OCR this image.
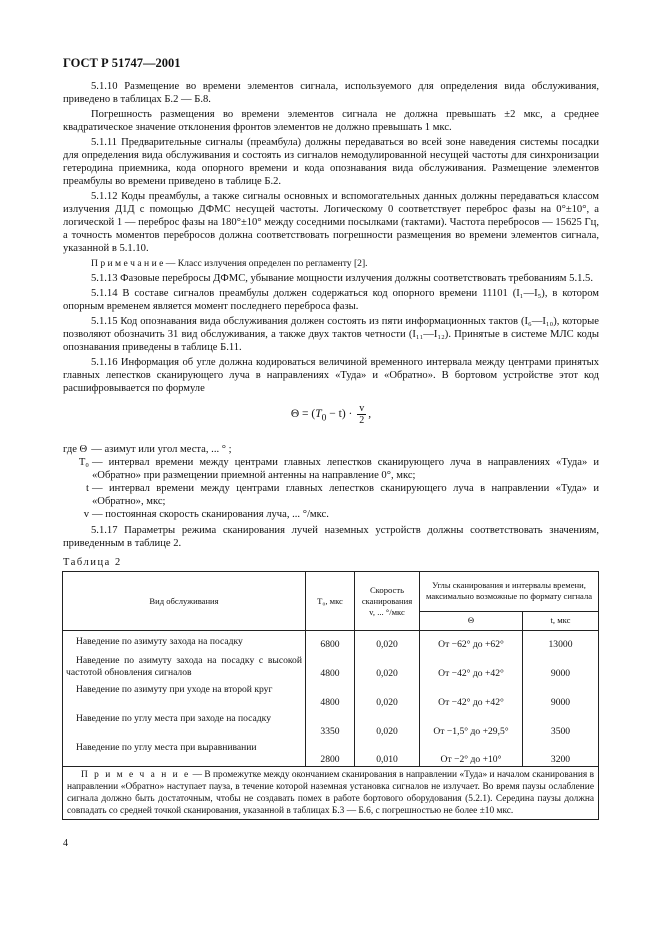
ГОСТ Р 51747—2001

5.1.10 Размещение во времени элементов сигнала, используемого для определения вида обслуживания, приведено в таблицах Б.2 — Б.8.

Погрешность размещения во времени элементов сигнала не должна превышать ±2 мкс, а среднее квадратическое значение отклонения фронтов элементов не должно превышать 1 мкс.

5.1.11 Предварительные сигналы (преамбула) должны передаваться во всей зоне наведения системы посадки для определения вида обслуживания и состоять из сигналов немодулированной несущей частоты для синхронизации гетеродина приемника, кода опорного времени и кода опознавания вида обслуживания. Размещение элементов преамбулы во времени приведено в таблице Б.2.

5.1.12 Коды преамбулы, а также сигналы основных и вспомогательных данных должны передаваться классом излучения Д1Д с помощью ДФМС несущей частоты. Логическому 0 соответствует переброс фазы на 0°±10°, а логической 1 — переброс фазы на 180°±10° между соседними посылками (тактами). Частота перебросов — 15625 Гц, а точность моментов перебросов должна соответствовать погрешности размещения во времени элементов сигнала, указанной в 5.1.10.

П р и м е ч а н и е — Класс излучения определен по регламенту [2].

5.1.13 Фазовые перебросы ДФМС, убывание мощности излучения должны соответствовать требованиям 5.1.5.

5.1.14 В составе сигналов преамбулы должен содержаться код опорного времени 11101 (I₁—I₅), в котором опорным временем является момент последнего переброса фазы.

5.1.15 Код опознавания вида обслуживания должен состоять из пяти информационных тактов (I₆—I₁₀), которые позволяют обозначить 31 вид обслуживания, а также двух тактов четности (I₁₁—I₁₂). Принятые в системе МЛС коды опознавания приведены в таблице Б.11.

5.1.16 Информация об угле должна кодироваться величиной временного интервала между центрами принятых главных лепестков сканирующего луча в направлениях «Туда» и «Обратно». В бортовом устройстве этот код расшифровывается по формуле

$\Theta = (T_0 - t) \cdot \frac{v}{2}$ ,
где Θ — азимут или угол места, ... ° ;
T₀ — интервал времени между центрами главных лепестков сканирующего луча в направлениях «Туда» и «Обратно» при размещении приемной антенны на направление 0°, мкс;
t — интервал времени между центрами главных лепестков сканирующего луча в направлении «Туда» и «Обратно», мкс;
v — постоянная скорость сканирования луча, ... °/мкс.

5.1.17 Параметры режима сканирования лучей наземных устройств должны соответствовать значениям, приведенным в таблице 2.

Таблица 2
Вид обслуживания	T₀, мкс	Скорость сканирования v, ... °/мкс	Углы сканирования и интервалы времени, максимально возможные по формату сигнала	
			Θ	t, мкс
Наведение по азимуту захода на посадку	6800	0,020	От −62° до +62°	13000
Наведение по азимуту захода на посадку с высокой частотой обновления сигналов	4800	0,020	От −42° до +42°	9000
Наведение по азимуту при уходе на второй круг	4800	0,020	От −42° до +42°	9000
Наведение по углу места при заходе на посадку	3350	0,020	От −1,5° до +29,5°	3500
Наведение по углу места при выравнивании	2800	0,010	От −2° до +10°	3200
П р и м е ч а н и е — В промежутке между окончанием сканирования в направлении «Туда» и началом сканирования в направлении «Обратно» наступает пауза, в течение которой наземная установка сигналов не излучает. Во время паузы ослабление сигнала должно быть достаточным, чтобы не создавать помех в работе бортового оборудования (5.2.1). Середина паузы должна совпадать со средней точкой сканирования, указанной в таблицах Б.3 — Б.6, с погрешностью не более ±10 мкс.				
4
